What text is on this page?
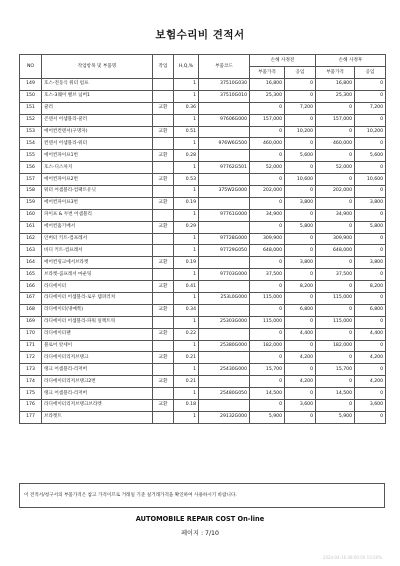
보험수리비 견적서
NO	작업항목 및 부품명	작업	H,Q,%	부품코드	손해 사정전		손해 사정후	
					부품가격	공임	부품가격	공임
149	호스-전동식 워터 펌프		1	37510G030	16,800	0	16,800	0
150	호스-3웨이 밸브 넘버1		1	37510G010	25,300	0	25,300	0
151	쿨러	교환	0.36		0	7,200	0	7,200
152	콘덴서 어셈블리-쿨러		1	97606G000	157,000	0	157,000	0
153	에어컨컨덴서(구명자)	교환	0.51		0	10,200	0	10,200
154	컨덴서 어셈블리-워터		1	976W6G500	460,000	0	460,000	0
155	에어컨파이프1번	교환	0.28		0	5,600	0	5,600
156	호스-디스차지		1	97762G501	52,000	0	52,000	0
157	에어컨파이프2번	교환	0.53		0	10,600	0	10,600
158	워터 어셈블리-컴팩트유닛		1	375W2G000	202,000	0	202,000	0
159	에어컨파이프3번	교환	0.19		0	3,800	0	3,800
160	파이프 & 두번 어셈블리		1	97761G000	34,900	0	34,900	0
161	에어컨흡기배서	교환	0.29		0	5,800	0	5,800
162	인버터 키트-컴프레서		1	97728G000	309,900	0	309,900	0
163	바디 키트-컴프레서		1	97729G050	648,000	0	648,000	0
164	에어컨링크에서브라켓	교환	0.19		0	3,800	0	3,800
165	브라켓-콤프레서 마운팅		1	97703G000	37,500	0	37,500	0
166	라디에이터	교환	0.41		0	8,200	0	8,200
167	라디에이터 어셈블리-로우 템퍼러쳐		1	253L0G000	115,000	0	115,000	0
168	라디에이터(냉매쪽)	교환	0.34		0	6,800	0	6,800
169	라디에이터 어셈블리-파워 일렉트릭		1	25303G000	115,000	0	115,000	0
170	라디에이터팬	교환	0.22		0	4,400	0	4,400
171	블로어 앗세이		1	25380G000	182,000	0	182,000	0
172	라디에이터리저브탱크	교환	0.21		0	4,200	0	4,200
173	탱크 어셈블리-리저버		1	25430G000	15,700	0	15,700	0
174	라디에이터리저브탱크2번	교환	0.21		0	4,200	0	4,200
175	탱크 어셈블리-리저버		1	25480G050	14,500	0	14,500	0
176	라디에이터리저브탱크브라켓	교환	0.18		0	3,600	0	3,600
177	브라켓트		1	29132G000	5,900	0	5,900	0
이 견적서/청구서의 부품가격은 참고 가격이므로 거래일 기준 실거래가격을 확인하여 사용하시기 바랍니다.
AUTOMOBILE REPAIR COST On-line
페이지 : 7/10
2024-04-16 08:00:00 10:50%
